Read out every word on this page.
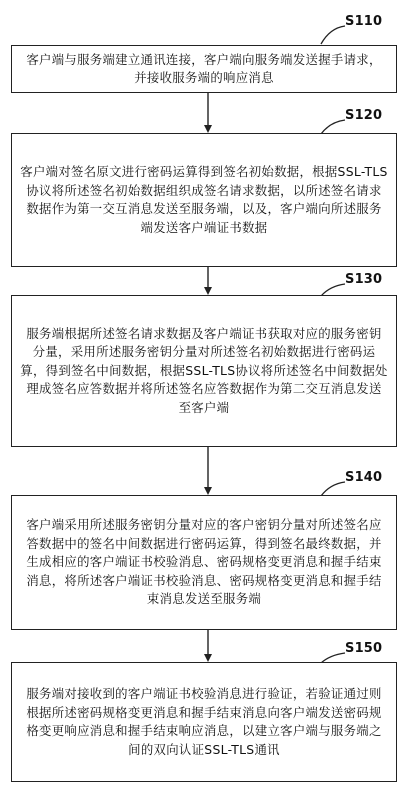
S110
客户端与服务端建立通讯连接，客户端向服务端发送握手请求，并接收服务端的响应消息
S120
客户端对签名原文进行密码运算得到签名初始数据，根据SSL-TLS协议将所述签名初始数据组织成签名请求数据，以所述签名请求数据作为第一交互消息发送至服务端，以及，客户端向所述服务端发送客户端证书数据
S130
服务端根据所述签名请求数据及客户端证书获取对应的服务密钥分量，采用所述服务密钥分量对所述签名初始数据进行密码运算，得到签名中间数据，根据SSL-TLS协议将所述签名中间数据处理成签名应答数据并将所述签名应答数据作为第二交互消息发送至客户端
S140
客户端采用所述服务密钥分量对应的客户密钥分量对所述签名应答数据中的签名中间数据进行密码运算，得到签名最终数据，并生成相应的客户端证书校验消息、密码规格变更消息和握手结束消息，将所述客户端证书校验消息、密码规格变更消息和握手结束消息发送至服务端
S150
服务端对接收到的客户端证书校验消息进行验证，若验证通过则根据所述密码规格变更消息和握手结束消息向客户端发送密码规格变更响应消息和握手结束响应消息，以建立客户端与服务端之间的双向认证SSL-TLS通讯
